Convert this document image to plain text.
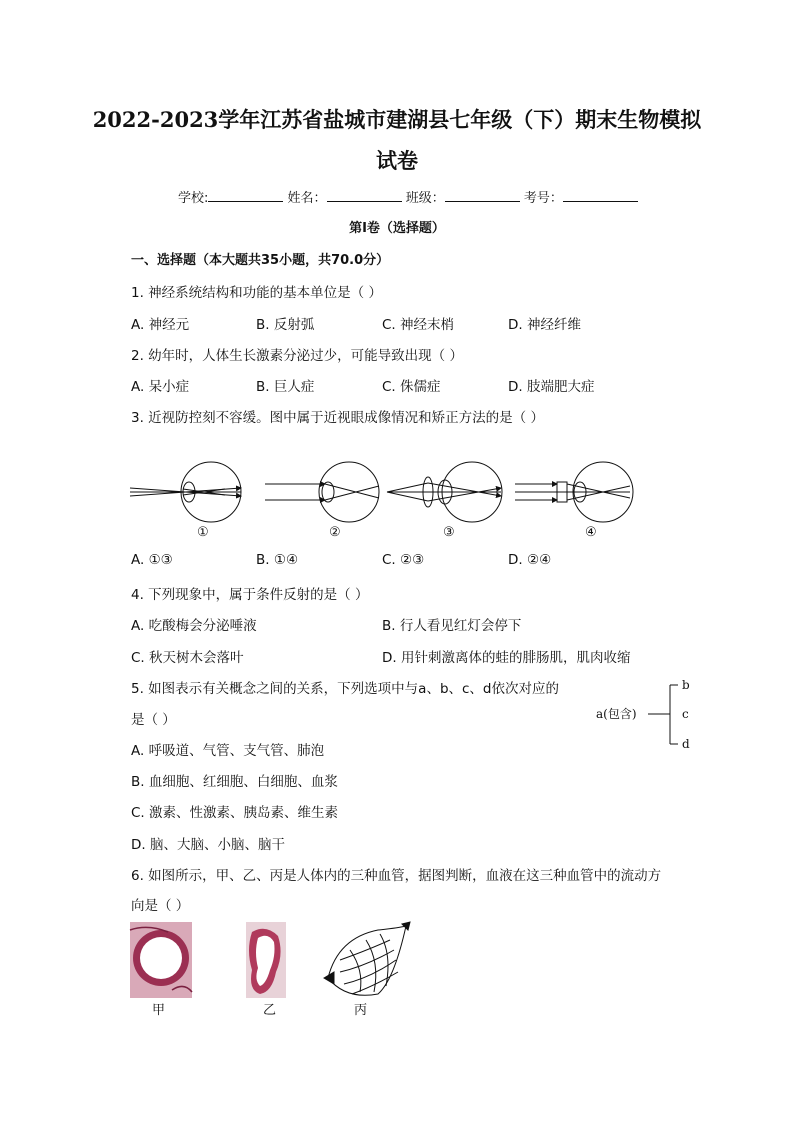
2022-2023学年江苏省盐城市建湖县七年级（下）期末生物模拟
试卷
学校:	姓名：	班级：	考号：
第I卷（选择题）
一、选择题（本大题共35小题，共70.0分）
1. 神经系统结构和功能的基本单位是（ ）
A. 神经元	B. 反射弧	C. 神经末梢	D. 神经纤维
2. 幼年时，人体生长激素分泌过少，可能导致出现（ ）
A. 呆小症	B. 巨人症	C. 侏儒症	D. 肢端肥大症
3. 近视防控刻不容缓。图中属于近视眼成像情况和矫正方法的是（ ）
①	②	③	④
A. ①③	B. ①④	C. ②③	D. ②④
4. 下列现象中，属于条件反射的是（ ）
A. 吃酸梅会分泌唾液	B. 行人看见红灯会停下
C. 秋天树木会落叶	D. 用针刺激离体的蛙的腓肠肌，肌肉收缩
5. 如图表示有关概念之间的关系，下列选项中与a、b、c、d依次对应的
是（ ）	a(包含)
b
c
d
A. 呼吸道、气管、支气管、肺泡
B. 血细胞、红细胞、白细胞、血浆
C. 激素、性激素、胰岛素、维生素
D. 脑、大脑、小脑、脑干
6. 如图所示，甲、乙、丙是人体内的三种血管，据图判断，血液在这三种血管中的流动方
向是（ ）
甲	乙	丙
